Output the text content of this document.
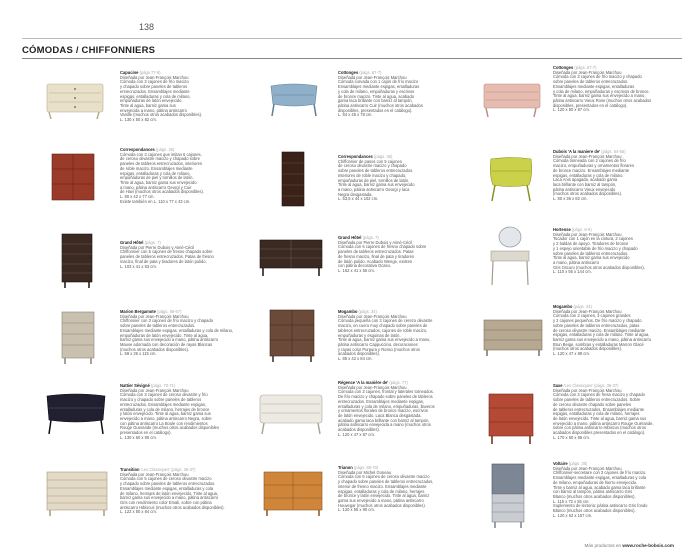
138
CÓMODAS / CHIFFONNIERS
Capucine (págs.77-8)
Diseñada por Jean-François Marchou
Cómoda con 3 cajones de frío macizo
y chapado sobre paneles de tableros
entrecruzados. Ensamblajes mediante
espigas, entalladuras y cola de milano,
empuñaduras de latón envejecido.
Tinte al agua, barniz gama sus
envejecida a mano, pátina antiscarro
Vanille (muchos otros acabados disponibles).
L. 130 x 50 x 82 cm.
Cottonges (págs. 67-7)
Diseñada por Jean-François Marchou
Cómoda curvada con 1 cajón de frío macizo
Ensamblajes mediante espigas, entalladuras
y cola de milano, empuñaduras y escrivos
de bronce macizo. Tinte al agua, acabado
gama laca brillante con barniz al tampón,
pátina antiscarro Cuir (muchos otros acabados
disponibles, presentados en el catálogo).
L. 84 x 45 x 78 cm.
Cottonges (págs. 67-7)
Diseñada por Jean-François Marchou
Cómoda con 3 cajones de frío macizo y chapado
sobre paneles de tableros entrecruzados.
Ensamblajes mediante espigas, entalladuras
y cola de milano, empuñaduras y escrivos de bronce.
Tinte al agua, barniz gama sus envejecido a mano,
pátina antiscarro Vieux Rose (muchos otros acabados
disponibles, presentados en el catálogo).
L. 120 x 50 x 87 cm.
Correspondances (págs. 26)
Cómoda con 3 cajones que imitan 6 cajones,
de ceroso olivastre macizo y chapado sobre
paneles de tableros entrecruzados, interiores
de roble macizo. Ensamblajes mediante
espigas, entalladuras y cola de milano,
empuñaduras de piel y tornillos de latón.
Tinte al agua, barniz gama sus envejecido
a mano, pátina antiscarro Georgi y Cuir
de Havi (muchos otros acabados disponibles).
L. 80 x 42 x 77 cm.
Existe también en L. 110 x 77 x 43 cm.
Correspondances (págs. 36)
Chiffonnier de pasos con 5 cajones
de ceroso olivastre macizo y chapado
sobre paneles de tableros entrecruzados.
Interiores de roble macizo y chapado,
empuñaduras de piel, tornillos de latón.
Tinte al agua, barniz gama sus envejecido
a mano, pátina antiscarro Georgi y laca
Negra desgastada.
L. 53,5 x 44 x 102 cm.
Dubois 'A la maniere de' (págs. 64-65)
Diseñada por Jean-François Marchou
Cómoda tonneada con 2 cajones de frío
macizo, empuñaduras y ornamentos florares
de bronce macizo. Ensamblajes mediante
espigas, entalladuras y cola de milano.
Laca Anis apagada, acabado gama
laca brillante con barniz al tampón,
pátina antiscarro Vieux envejecido
(muchos otros acabados disponibles).
L. 80 x 36 x 82 cm.
Grand Hôtel (págs. 7)
Diseñada por Pierre Dubois y Aimé-Cécil
Chiffonnier con 5 cajones de fresno chapado sobre
paneles de tableros entrecruzados. Patas de fresno
macizo, final de pata y tiradores de latón pulido.
L. 103 x 41 x 53 cm.
Grand Hôtel (págs. 7)
Diseñada por Pierre Dubois y Aimé-Cécil
Cómoda con 6 cajones de fresno chapado sobre
paneles de tableros entrecruzados. Patas
de fresno macizo, final de pata y tiradores
de latón pulido. Acabado Wenge, existen
con pátina decorativa Ocaso.
L. 162 x 41 x 55 cm.
Hortense (págs. 8-9)
Diseñada por Jean-François Marchou
Tocador con 1 cajón en la cintura, 2 cajones
y 2 baldas de apoyo. Tiradores de bronce
y 1 espejo orientable de frío macizo y chapado
sobre paneles de tableros entrecruzados.
Tinte al agua, barniz gama sus envejecido
a mano, pátina antiscarro
Gris Oscuro (muchos otros acabados disponibles).
L. 110 x 55 x 144 cm.
Marion Bergamote (págs. 68-67)
Diseñada por Jean-François Marchou
Chiffonnier con 3 cajones de frío macizo y chapado
sobre paneles de tableros entrecruzados.
Ensamblajes mediante espigas, entalladuras y cola de milano,
empuñaduras de latón envejecido. Tinte al agua,
barniz gama sus envejecido a mano, pátina antiscarro
Mauve adornada con decoración de rayas Blancas
(muchos otros acabados disponibles).
L. 58 x 36 x 115 cm.
Mogambo (págs. 34)
Diseñada por Jean-François Marchou
Cómoda pequeña con 3 cajones de cerezo olivastre
macizo, en cuero muy chapado sobre paneles de
tableros entrecruzados, cajones de roble macizo,
empuñaduras y esquinas de latón.
Tinte al agua, barniz gama sus envejecido a mano,
pátina antiscarro Cappuccino, decoraciones
y rayas color Purpura y Rosso (muchos otros
acabados disponibles).
L. 85 x 42 x 84 cm.
Mogambo (págs. 34)
Diseñada por Jean-François Marchou
Cómoda con 3 cajones, 3 cajones grandes
y 2 cajones pequeños. De frío macizo y chapado
sobre paneles de tableros entrecruzados, patas
de ceroso olivastre macizo. Ensamblajes mediante
espigas, entalladuras y cola de milano. Tinte al agua,
barniz gama sus envejecido a mano, pátina antiscarro
Brun Beige, sombras y entalladuras Marron Glacé
(muchos otros acabados disponibles).
L. 120 x 47 x 88 cm.
Nattier Sévigné (págs. 70-71)
Diseñada por Jean-François Marchou
Cómoda con 3 cajones de ceroso olivastre y frío
macizo y chapado sobre paneles de tableros
entrecruzados. Ensamblajes mediante espigas,
entalladuras y cola de milano, herrajes de bronce
y latón envejecido. Tinte al agua, barniz gama sus
envejecido a mano, pátina antiscarro Negra, sobre
con pátina antiscarro La Boule con rendimientos
Rouge Guerande (muchos otros acabados disponibles
presentados en el catálogo).
L. 130 x 60 x 90 cm.
Régence 'A la manière de' (págs. 77)
Diseñada por Jean-François Marchou
Cómoda con 3 cajones, frontal y laterales torneados.
De frío macizo y chapado sobre paneles de tableros
entrecruzados. Ensamblajes mediante espigas,
entalladuras y cola de milano, empuñaduras, llaveros
y ornamentos florales de bronce macizo, escrivos
de latón envejecido. Laca Blanca desgastada,
acabado gama laca brillante con barniz al tampón,
pátina antiscarro envejecida a mano (muchos otros
acabados disponibles).
L. 120 x 47 x 87 cm.
Saxe 'Les Classiques' (págs. 36-37)
Diseñada por Jean-François Marchou
Cómoda con 3 cajones de fresa macizo y chapado
sobre paneles de tableros entrecruzados. Sobre
de ceroso olivastre chapado sobre paneles
de tableros entrecruzados. Ensamblajes mediante
espigas, entalladuras y cola de milano, herrajes
de latón envejecido. Tinte al agua, barniz gama sus
envejecido a mano, pátina antiscarro Rouge Guérande,
sobre con pátina antiscarro Hibiscus (muchos otros
acabados disponibles presentados en el catálogo).
L. 170 x 50 x 85 cm.
Transition 'Les Classiques' (págs. 36-37)
Diseñada por Jean-François Marchou
Cómoda con 5 cajones de ceroso olivastre macizo
y chapado sobre paneles de tableros entrecruzados.
Ensamblajes mediante espigas, entalladuras y cola
de milano, herrajes de latón envejecido. Tinte al agua,
barniz gama sus envejecido a mano, pátina antiscarro
Gris con rendimiento color Emali, sobre con pátina
antiscarro Hibiscus (muchos otros acabados disponibles).
L. 122 x 50 x 84 cm.
Trianon (págs. 69-70)
Diseñada por Michel Goneau
Cómoda con 6 cajones de ceroso olivastre macizo
y chapado sobre paneles de tableros entrecruzados,
interior de fresno macizo. Ensamblajes mediante
espigas, entalladuras y cola de milano, herrajes
de bronce y latón envejecido. Tinte al agua, barniz
gama sus envejecido a mano, pátina antiscarro
Houvegar (muchos otros acabados disponibles).
L. 120 x 55 x 90 cm.
Voltaire (págs. 35)
Diseñada por Jean-François Marchou
Chiffonnier-secretaire con 3 cajones de frío macizo.
Ensamblajes mediante espigas, entalladuras y cola
de milano, empuñaduras de hierro envejecido.
Tinte y barniz al agua, acabado gama laca brillante
con barniz al tampón, pátina antiscarro Gris
Blanco (muchos otros acabados disponibles).
L. 115 x 72 x 55 cm.
Suplemento de lectoria: pátina antiscarro Gris fondo
Blanco (muchos otros acabados disponibles).
L. 120 x 62 x 157 cm.
Más productos en www.roche-bobois.com
